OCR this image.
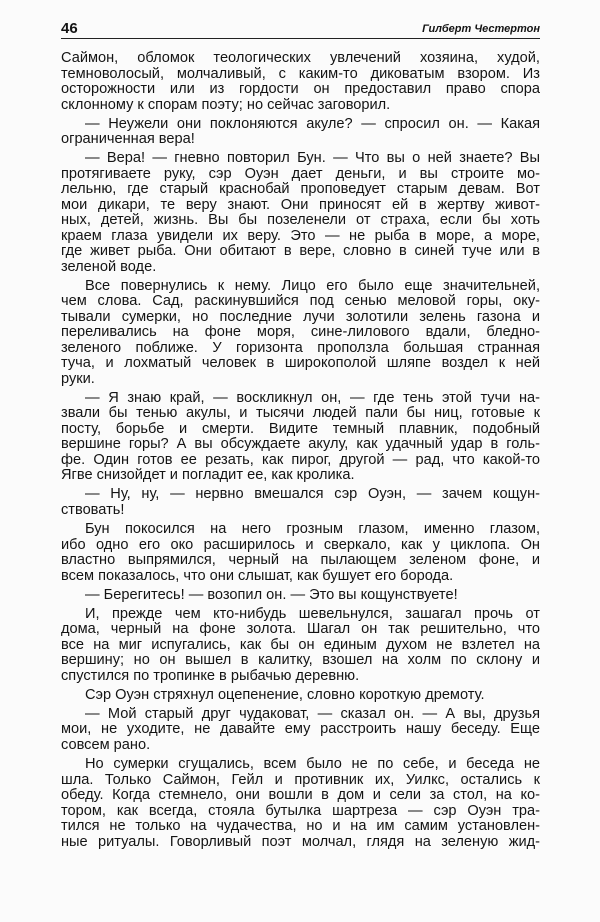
46	Гилберт Честертон
Саймон, обломок теологических увлечений хозяина, худой,
темноволосый, молчаливый, с каким-то диковатым взором. Из
осторожности или из гордости он предоставил право спора
склонному к спорам поэту; но сейчас заговорил.
— Неужели они поклоняются акуле? — спросил он. — Какая
ограниченная вера!
— Вера! — гневно повторил Бун. — Что вы о ней знаете? Вы
протягиваете руку, сэр Оуэн дает деньги, и вы строите мо-
лельню, где старый краснобай проповедует старым девам. Вот
мои дикари, те веру знают. Они приносят ей в жертву живот-
ных, детей, жизнь. Вы бы позеленели от страха, если бы хоть
краем глаза увидели их веру. Это — не рыба в море, а море,
где живет рыба. Они обитают в вере, словно в синей туче или в
зеленой воде.
Все повернулись к нему. Лицо его было еще значительней,
чем слова. Сад, раскинувшийся под сенью меловой горы, оку-
тывали сумерки, но последние лучи золотили зелень газона и
переливались на фоне моря, сине-лилового вдали, бледно-
зеленого поближе. У горизонта проползла большая странная
туча, и лохматый человек в широкополой шляпе воздел к ней
руки.
— Я знаю край, — воскликнул он, — где тень этой тучи на-
звали бы тенью акулы, и тысячи людей пали бы ниц, готовые к
посту, борьбе и смерти. Видите темный плавник, подобный
вершине горы? А вы обсуждаете акулу, как удачный удар в голь-
фе. Один готов ее резать, как пирог, другой — рад, что какой-то
Ягве снизойдет и погладит ее, как кролика.
— Ну, ну, — нервно вмешался сэр Оуэн, — зачем кощун-
ствовать!
Бун покосился на него грозным глазом, именно глазом,
ибо одно его око расширилось и сверкало, как у циклопа. Он
властно выпрямился, черный на пылающем зеленом фоне, и
всем показалось, что они слышат, как бушует его борода.
— Берегитесь! — возопил он. — Это вы кощунствуете!
И, прежде чем кто-нибудь шевельнулся, зашагал прочь от
дома, черный на фоне золота. Шагал он так решительно, что
все на миг испугались, как бы он единым духом не взлетел на
вершину; но он вышел в калитку, взошел на холм по склону и
спустился по тропинке в рыбачью деревню.
Сэр Оуэн стряхнул оцепенение, словно короткую дремоту.
— Мой старый друг чудаковат, — сказал он. — А вы, друзья
мои, не уходите, не давайте ему расстроить нашу беседу. Еще
совсем рано.
Но сумерки сгущались, всем было не по себе, и беседа не
шла. Только Саймон, Гейл и противник их, Уилкс, остались к
обеду. Когда стемнело, они вошли в дом и сели за стол, на ко-
тором, как всегда, стояла бутылка шартреза — сэр Оуэн тра-
тился не только на чудачества, но и на им самим установлен-
ные ритуалы. Говорливый поэт молчал, глядя на зеленую жид-
